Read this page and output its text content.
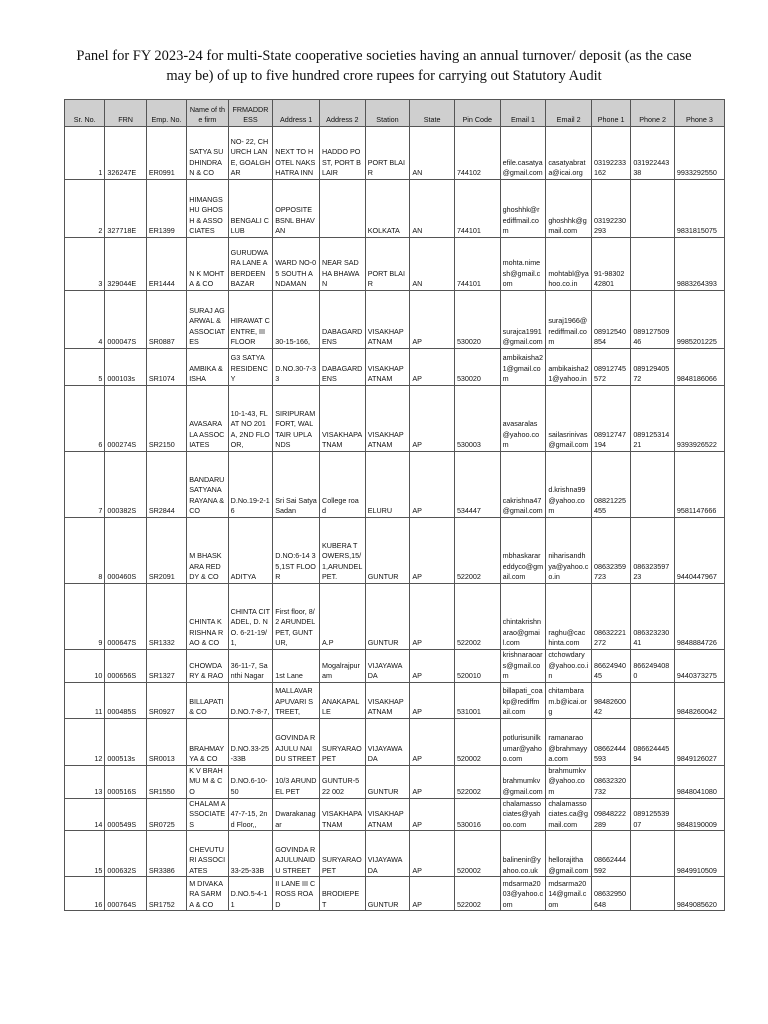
Panel for FY 2023-24 for multi-State cooperative societies having an annual turnover/ deposit (as the case
may be) of up to five hundred crore rupees for carrying out Statutory Audit
Sr. No.	FRN	Emp. No.	Name of the firm	FRMADDRESS	Address 1	Address 2	Station	State	Pin Code	Email 1	Email 2	Phone 1	Phone 2	Phone 3
1	326247E	ER0991	SATYA SUDHINDRAN & CO	NO- 22, CHURCH LANE, GOALGHAR	NEXT TO HOTEL NAKSHATRA INN	HADDO POST, PORT BLAIR	PORT BLAIR	AN	744102	efile.casatya@gmail.com	casatyabrata@icai.org	03192233162	03192244338	9933292550
2	327718E	ER1399	HIMANGSHU GHOSH & ASSOCIATES	BENGALI CLUB	OPPOSITE BSNL BHAVAN		KOLKATA	AN	744101	ghoshhk@rediffmail.com	ghoshhk@gmail.com	03192230293		9831815075
3	329044E	ER1444	N K MOHTA & CO	GURUDWARA LANE ABERDEEN BAZAR	WARD NO-05 SOUTH ANDAMAN	NEAR SADHA BHAWAN	PORT BLAIR	AN	744101	mohta.nimesh@gmail.com	mohtabl@yahoo.co.in	91-9830242801		9883264393
4	000047S	SR0887	SURAJ AGARWAL & ASSOCIATES	HIRAWAT CENTRE, III FLOOR	30-15-166,	DABAGARDENS	VISAKHAPATNAM	AP	530020	surajca1991@gmail.com	suraj1966@rediffmail.com	08912540854	08912750946	9985201225
5	000103s	SR1074	AMBIKA & ISHA	G3 SATYA RESIDENCY	D.NO.30-7-33	DABAGARDENS	VISAKHAPATNAM	AP	530020	ambikaisha21@gmail.com	ambikaisha21@yahoo.in	08912745572	08912940572	9848186066
6	000274S	SR2150	AVASARALA ASSOCIATES	10-1-43, FLAT NO 201A, 2ND FLOOR,	SIRIPURAM FORT, WALTAIR UPLANDS	VISAKHAPATNAM	VISAKHAPATNAM	AP	530003	avasaralas@yahoo.com	sailasrinivas@gmail.com	08912747194	08912531421	9393926522
7	000382S	SR2844	BANDARU SATYANARAYANA & CO	D.No.19-2-16	Sri Sai Satya Sadan	College road	ELURU	AP	534447	cakrishna47@gmail.com	d.krishna99@yahoo.com	08821225455		9581147666
8	000460S	SR2091	M BHASKARA REDDY & CO	ADITYA	D.NO:6-14 35,1ST FLOOR	KUBERA TOWERS,15/1,ARUNDELPET.	GUNTUR	AP	522002	mbhaskarareddyco@gmail.com	niharisandhya@yahoo.co.in	08632359723	08632359723	9440447967
9	000647S	SR1332	CHINTA KRISHNA RAO & CO	CHINTA CITADEL, D. NO. 6-21-19/1,	First floor, 8/2 ARUNDELPET, GUNTUR,	A.P	GUNTUR	AP	522002	chintakrishnarao@gmail.com	raghu@cachinta.com	08632221272	08632323041	9848884726
10	000656S	SR1327	CHOWDARY & RAO	36-11-7, Santhi Nagar	1st Lane	Mogalrajpuram	VIJAYAWADA	AP	520010	krishnaraoars@gmail.com	ctchowdary@yahoo.co.in	8662494045	8662494080	9440373275
11	000485S	SR0927	BILLAPATI & CO	D.NO.7-8-7,	MALLAVARAPUVARI STREET,	ANAKAPALLE	VISAKHAPATNAM	AP	531001	billapati_coakp@rediffmail.com	chitambaram.b@icai.org	9848260042		9848260042
12	000513s	SR0013	BRAHMAYYA & CO	D.NO.33-25-33B	GOVINDA RAJULU NAIDU STREET	SURYARAOPET	VIJAYAWADA	AP	520002	potlurisunilkumar@yahoo.com	ramanarao@brahmayya.com	08662444593	08662444594	9849126027
13	000516S	SR1550	K V BRAHMU M & CO	D.NO.6-10-50	10/3 ARUNDEL PET	GUNTUR-522 002	GUNTUR	AP	522002	brahmumkv@gmail.com	brahmumkv@yahoo.com	08632320732		9848041080
14	000549S	SR0725	CHALAM ASSOCIATES	47-7-15, 2nd Floor,,	Dwarakanagar	VISAKHAPATNAM	VISAKHAPATNAM	AP	530016	chalamassociates@yahoo.com	chalamassociates.ca@gmail.com	09848222289	08912553907	9848190009
15	000632S	SR3386	CHEVUTURI ASSOCIATES	33-25-33B	GOVINDA RAJULUNAIDU STREET	SURYARAOPET	VIJAYAWADA	AP	520002	balinenir@yahoo.co.uk	hellorajitha@gmail.com	08662444592		9849910509
16	000764S	SR1752	M DIVAKARA SARMA & CO	D.NO.5-4-11	II LANE III CROSS ROAD	BRODIEPET	GUNTUR	AP	522002	mdsarma2003@yahoo.com	mdsarma2014@gmail.com	08632950648		9849085620
